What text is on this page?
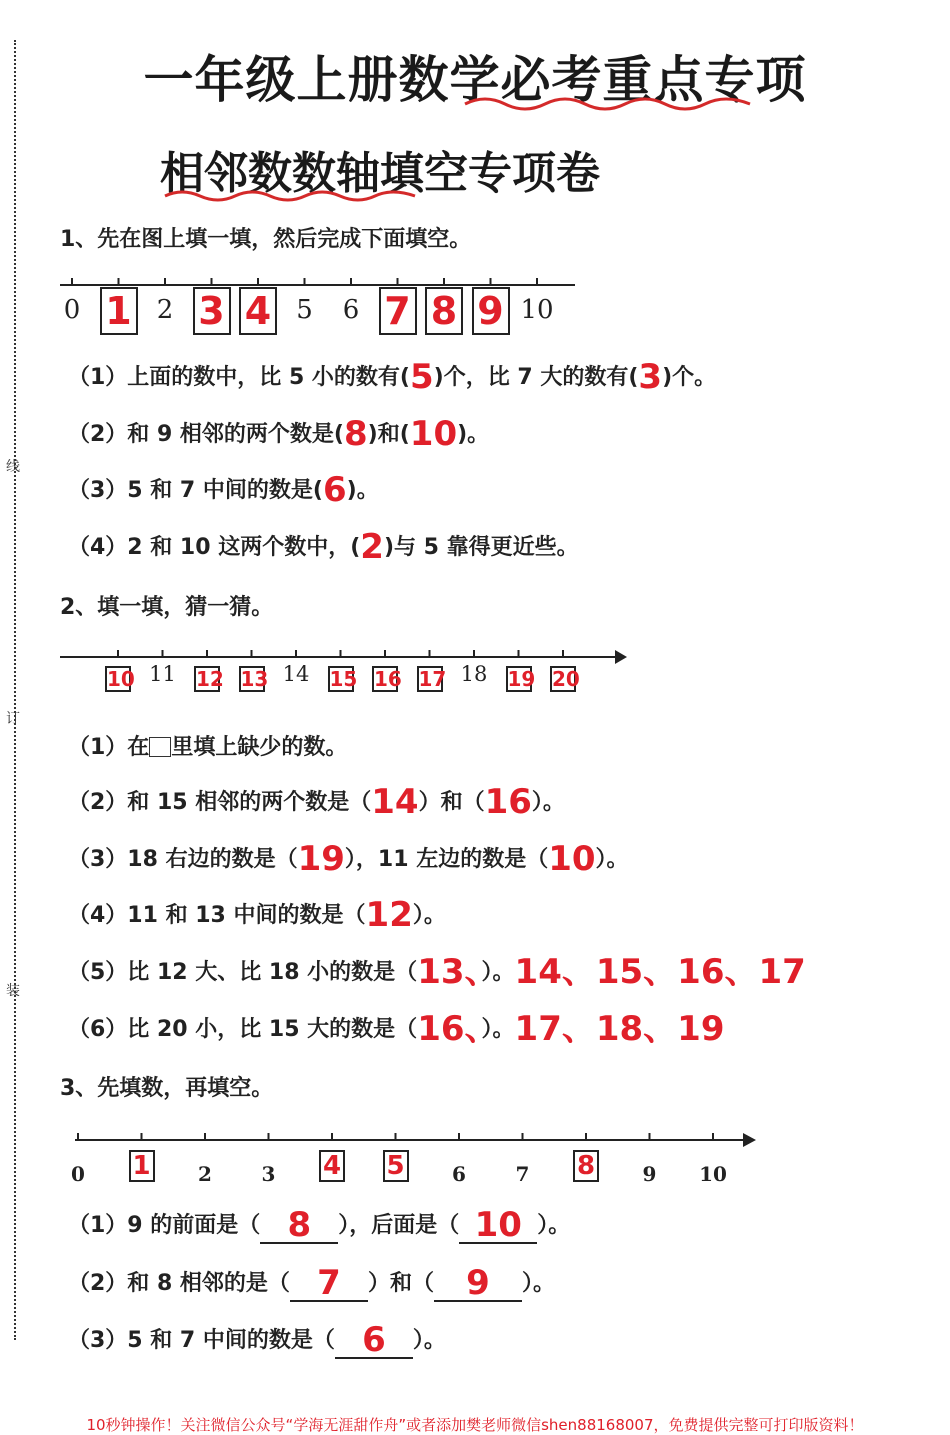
线
订
装
一年级上册数学必考重点专项
相邻数数轴填空专项卷
1、先在图上填一填，然后完成下面填空。
0 1 2 3 4 5	6 7 8 9 10
（1）上面的数中，比 5 小的数有(5)个，比 7 大的数有(3)个。
（2）和 9 相邻的两个数是(8)和(10)。
（3）5 和 7 中间的数是(6)。
（4）2 和 10 这两个数中，(2)与 5 靠得更近些。
2、填一填，猜一猜。
10 11	12 13 14	15 16 17 18	19 20
（1）在 里填上缺少的数。
（2）和 15 相邻的两个数是（14）和（16）。
（3）18 右边的数是（19），11 左边的数是（10）。
（4）11 和 13 中间的数是（12）。
（5）比 12 大、比 18 小的数是（13、）。14、15、16、17
（6）比 20 小，比 15 大的数是（16、）。17、18、19
3、先填数，再填空。
0	1	2	3	4 5	6	7	8	9	10
（1）9 的前面是（ 8 ），后面是（ 10 ）。
（2）和 8 相邻的是（ 7 ）和（ 9 ）。
（3）5 和 7 中间的数是（ 6 ）。
10秒钟操作！关注微信公众号“学海无涯甜作舟”或者添加樊老师微信shen88168007，免费提供完整可打印版资料！
